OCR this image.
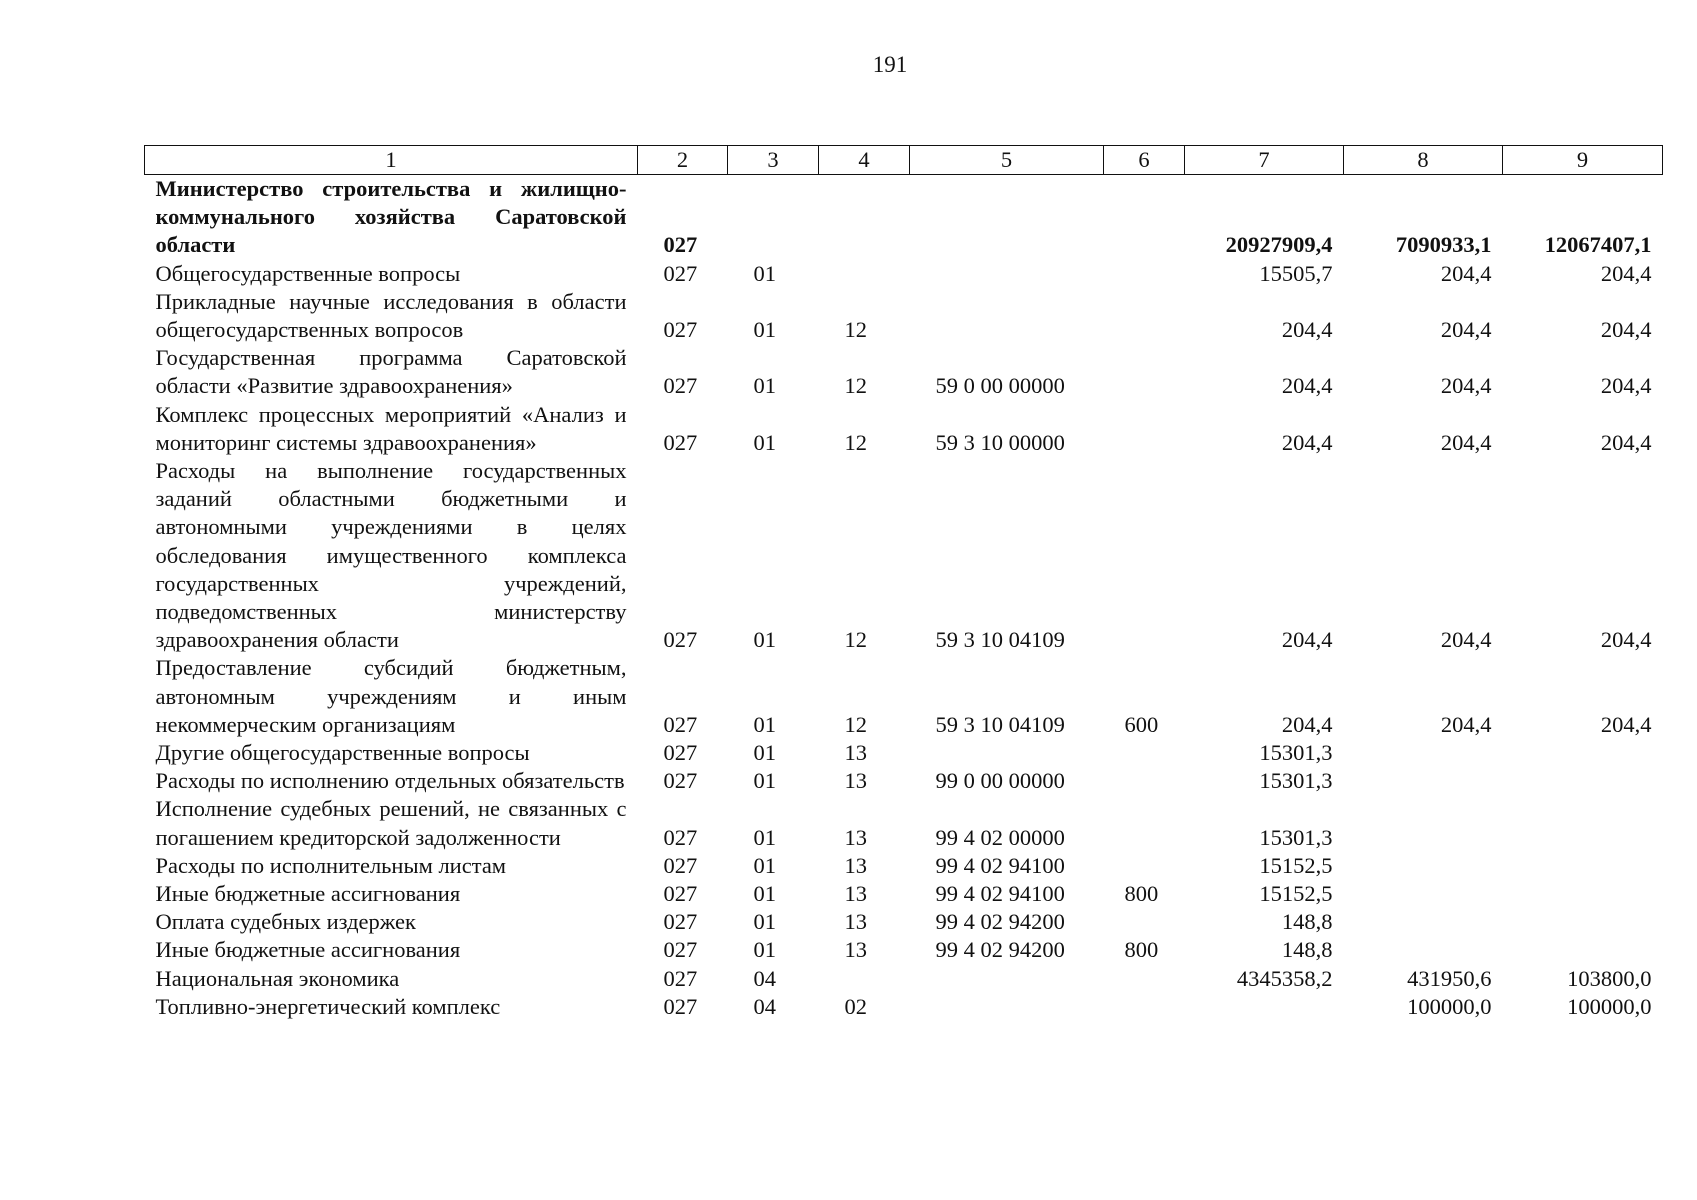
191
1	2	3	4	5	6	7	8	9
Министерство строительства и жилищно-коммунального хозяйства Саратовской области	027					20927909,4	7090933,1	12067407,1
Общегосударственные вопросы	027	01				15505,7	204,4	204,4
Прикладные научные исследования в области общегосударственных вопросов	027	01	12			204,4	204,4	204,4
Государственная программа Саратовской области «Развитие здравоохранения»	027	01	12	59 0 00 00000		204,4	204,4	204,4
Комплекс процессных мероприятий «Анализ и мониторинг системы здравоохранения»	027	01	12	59 3 10 00000		204,4	204,4	204,4
Расходы на выполнение государственных заданий областными бюджетными и автономными учреждениями в целях обследования имущественного комплекса государственных учреждений, подведомственных министерству здравоохранения области	027	01	12	59 3 10 04109		204,4	204,4	204,4
Предоставление субсидий бюджетным, автономным учреждениям и иным некоммерческим организациям	027	01	12	59 3 10 04109	600	204,4	204,4	204,4
Другие общегосударственные вопросы	027	01	13			15301,3		
Расходы по исполнению отдельных обязательств	027	01	13	99 0 00 00000		15301,3		
Исполнение судебных решений, не связанных с погашением кредиторской задолженности	027	01	13	99 4 02 00000		15301,3		
Расходы по исполнительным листам	027	01	13	99 4 02 94100		15152,5		
Иные бюджетные ассигнования	027	01	13	99 4 02 94100	800	15152,5		
Оплата судебных издержек	027	01	13	99 4 02 94200		148,8		
Иные бюджетные ассигнования	027	01	13	99 4 02 94200	800	148,8		
Национальная экономика	027	04				4345358,2	431950,6	103800,0
Топливно-энергетический комплекс	027	04	02				100000,0	100000,0
